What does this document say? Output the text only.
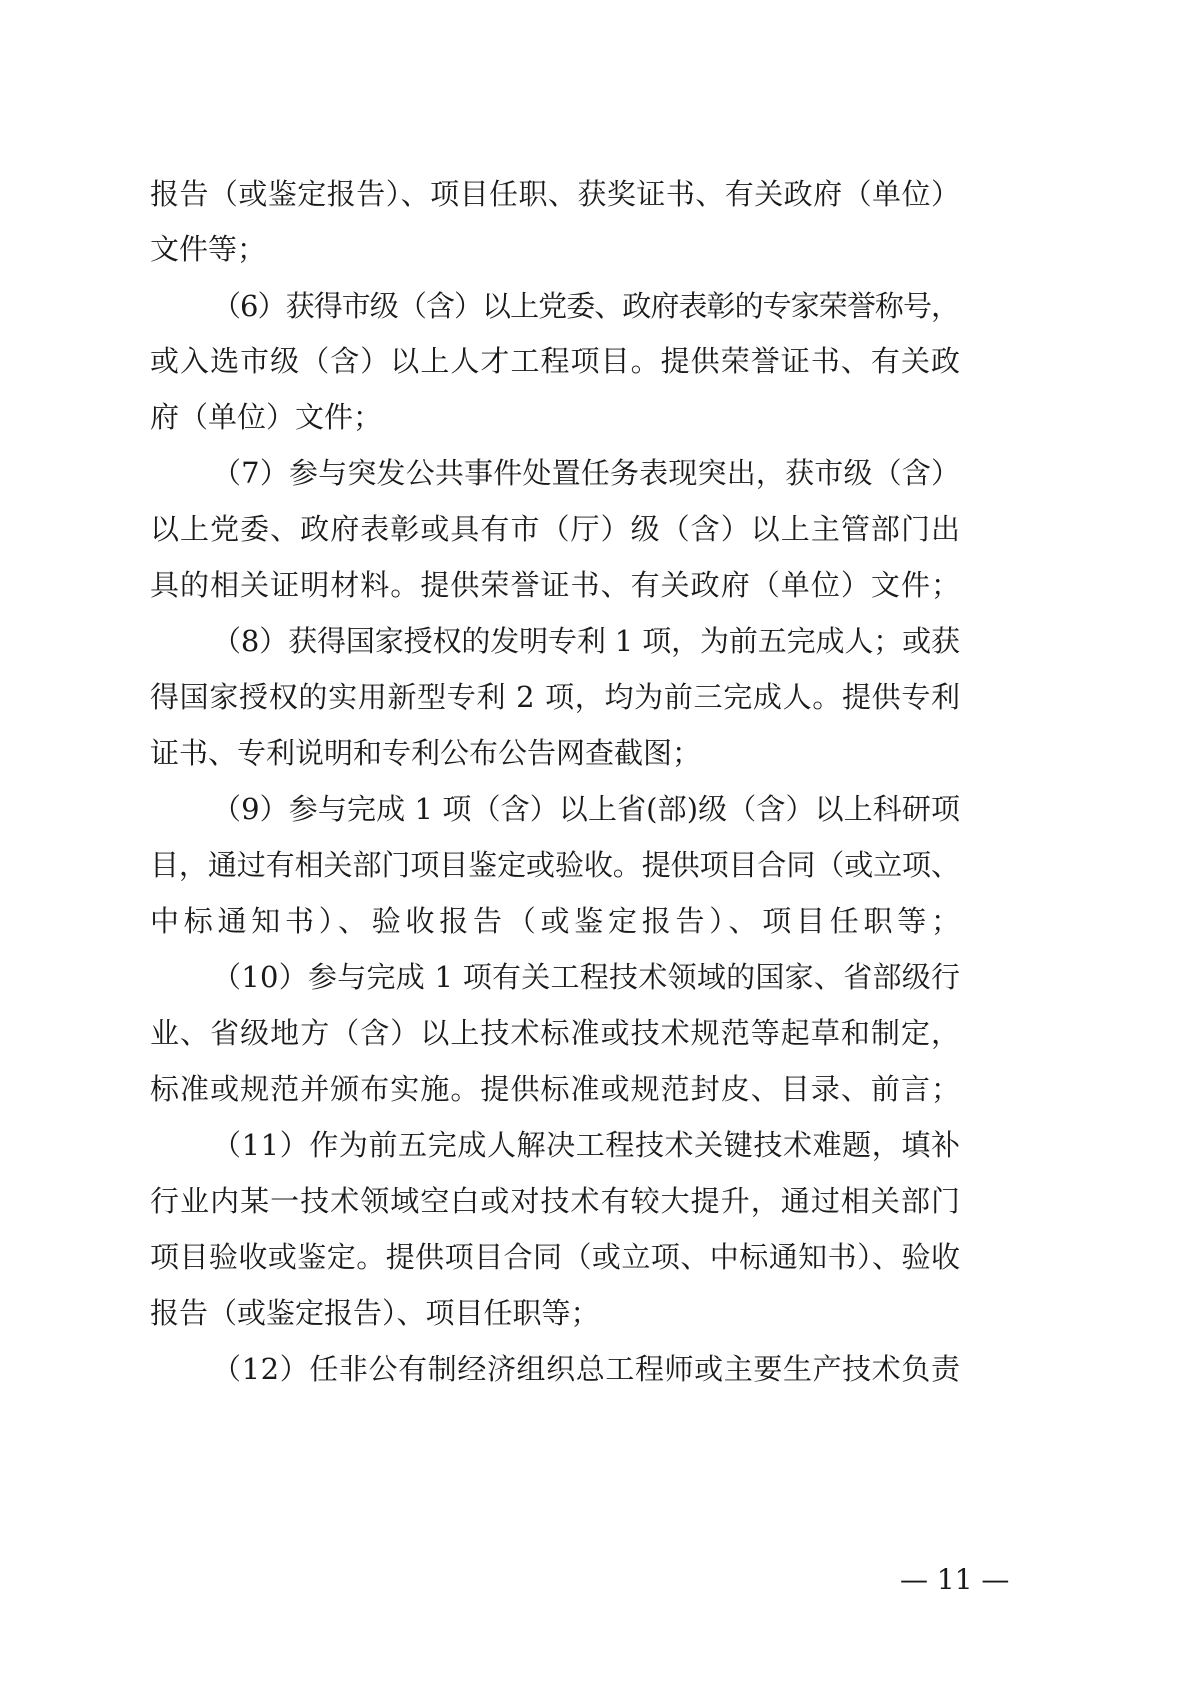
报告（或鉴定报告）、项目任职、获奖证书、有关政府（单位）
文件等；
（6）获得市级（含）以上党委、政府表彰的专家荣誉称号，
或入选市级（含）以上人才工程项目。提供荣誉证书、有关政
府（单位）文件；
（7）参与突发公共事件处置任务表现突出，获市级（含）
以上党委、政府表彰或具有市（厅）级（含）以上主管部门出
具的相关证明材料。提供荣誉证书、有关政府（单位）文件；
（8）获得国家授权的发明专利 1 项，为前五完成人；或获
得国家授权的实用新型专利 2 项，均为前三完成人。提供专利
证书、专利说明和专利公布公告网查截图；
（9）参与完成 1 项（含）以上省(部)级（含）以上科研项
目，通过有相关部门项目鉴定或验收。提供项目合同（或立项、
中标通知书）、验收报告（或鉴定报告）、项目任职等；
（10）参与完成 1 项有关工程技术领域的国家、省部级行
业、省级地方（含）以上技术标准或技术规范等起草和制定，
标准或规范并颁布实施。提供标准或规范封皮、目录、前言；
（11）作为前五完成人解决工程技术关键技术难题，填补
行业内某一技术领域空白或对技术有较大提升，通过相关部门
项目验收或鉴定。提供项目合同（或立项、中标通知书）、验收
报告（或鉴定报告）、项目任职等；
（12）任非公有制经济组织总工程师或主要生产技术负责
— 11 —
